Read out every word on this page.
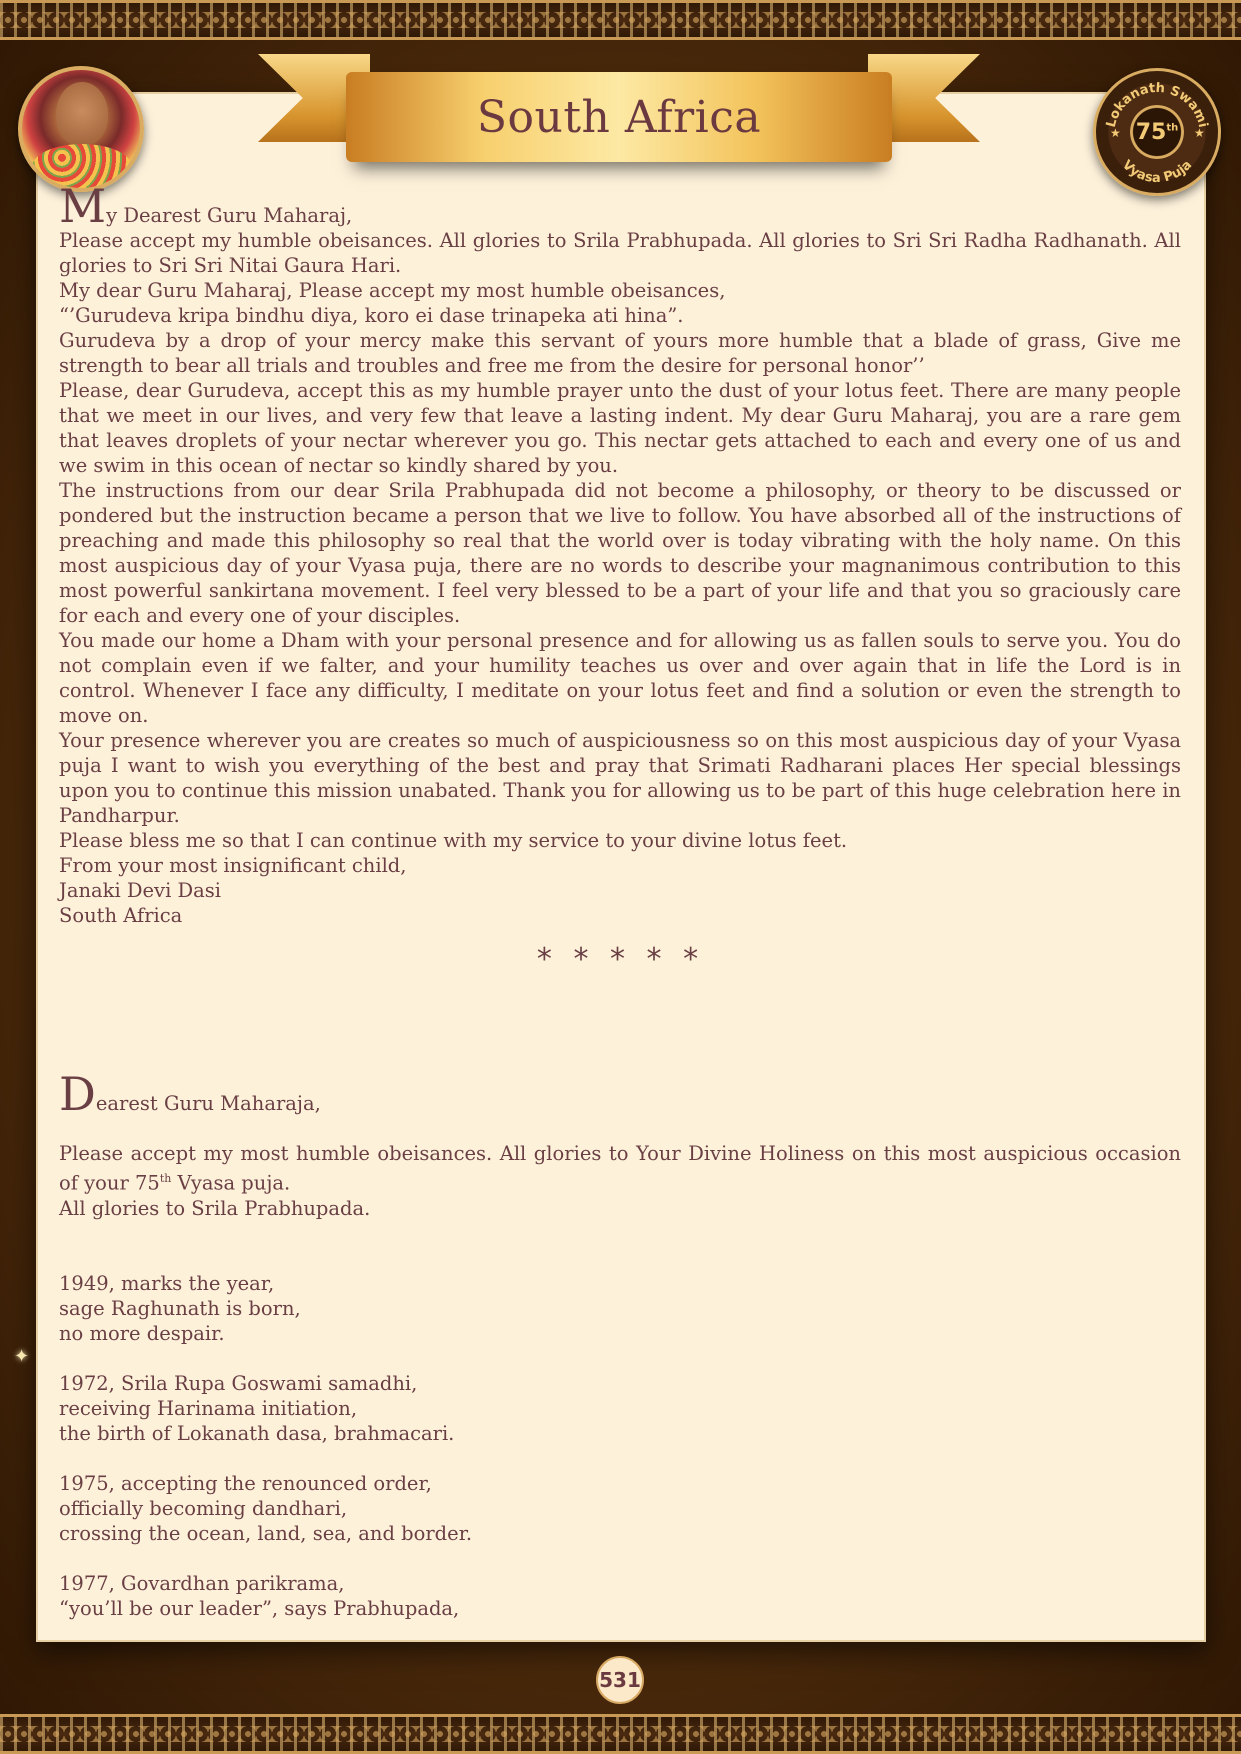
South Africa	Lokanath Swami
Vyasa Puja
★	★
75th

My Dearest Guru Maharaj,

Please accept my humble obeisances. All glories to Srila Prabhupada. All glories to Sri Sri Radha Radhanath. All glories to Sri Sri Nitai Gaura Hari.

My dear Guru Maharaj, Please accept my most humble obeisances,

“’Gurudeva kripa bindhu diya, koro ei dase trinapeka ati hina”.

Gurudeva by a drop of your mercy make this servant of yours more humble that a blade of grass, Give me strength to bear all trials and troubles and free me from the desire for personal honor’’

Please, dear Gurudeva, accept this as my humble prayer unto the dust of your lotus feet. There are many people that we meet in our lives, and very few that leave a lasting indent. My dear Guru Maharaj, you are a rare gem that leaves droplets of your nectar wherever you go. This nectar gets attached to each and every one of us and we swim in this ocean of nectar so kindly shared by you.

The instructions from our dear Srila Prabhupada did not become a philosophy, or theory to be discussed or pondered but the instruction became a person that we live to follow. You have absorbed all of the instructions of preaching and made this philosophy so real that the world over is today vibrating with the holy name. On this most auspicious day of your Vyasa puja, there are no words to describe your magnanimous contribution to this most powerful sankirtana movement. I feel very blessed to be a part of your life and that you so graciously care for each and every one of your disciples.

You made our home a Dham with your personal presence and for allowing us as fallen souls to serve you. You do not complain even if we falter, and your humility teaches us over and over again that in life the Lord is in control. Whenever I face any difficulty, I meditate on your lotus feet and find a solution or even the strength to move on.

Your presence wherever you are creates so much of auspiciousness so on this most auspicious day of your Vyasa puja I want to wish you everything of the best and pray that Srimati Radharani places Her special blessings upon you to continue this mission unabated. Thank you for allowing us to be part of this huge celebration here in Pandharpur.

Please bless me so that I can continue with my service to your divine lotus feet.

From your most insignificant child,

Janaki Devi Dasi

South Africa

* * * * *

Dearest Guru Maharaja,

Please accept my most humble obeisances. All glories to Your Divine Holiness on this most auspicious occasion of your 75th Vyasa puja.

All glories to Srila Prabhupada.

1949, marks the year,

sage Raghunath is born,

no more despair.

1972, Srila Rupa Goswami samadhi,

receiving Harinama initiation,

the birth of Lokanath dasa, brahmacari.

1975, accepting the renounced order,

officially becoming dandhari,

crossing the ocean, land, sea, and border.

1977, Govardhan parikrama,

“you’ll be our leader”, says Prabhupada,

✦
531
